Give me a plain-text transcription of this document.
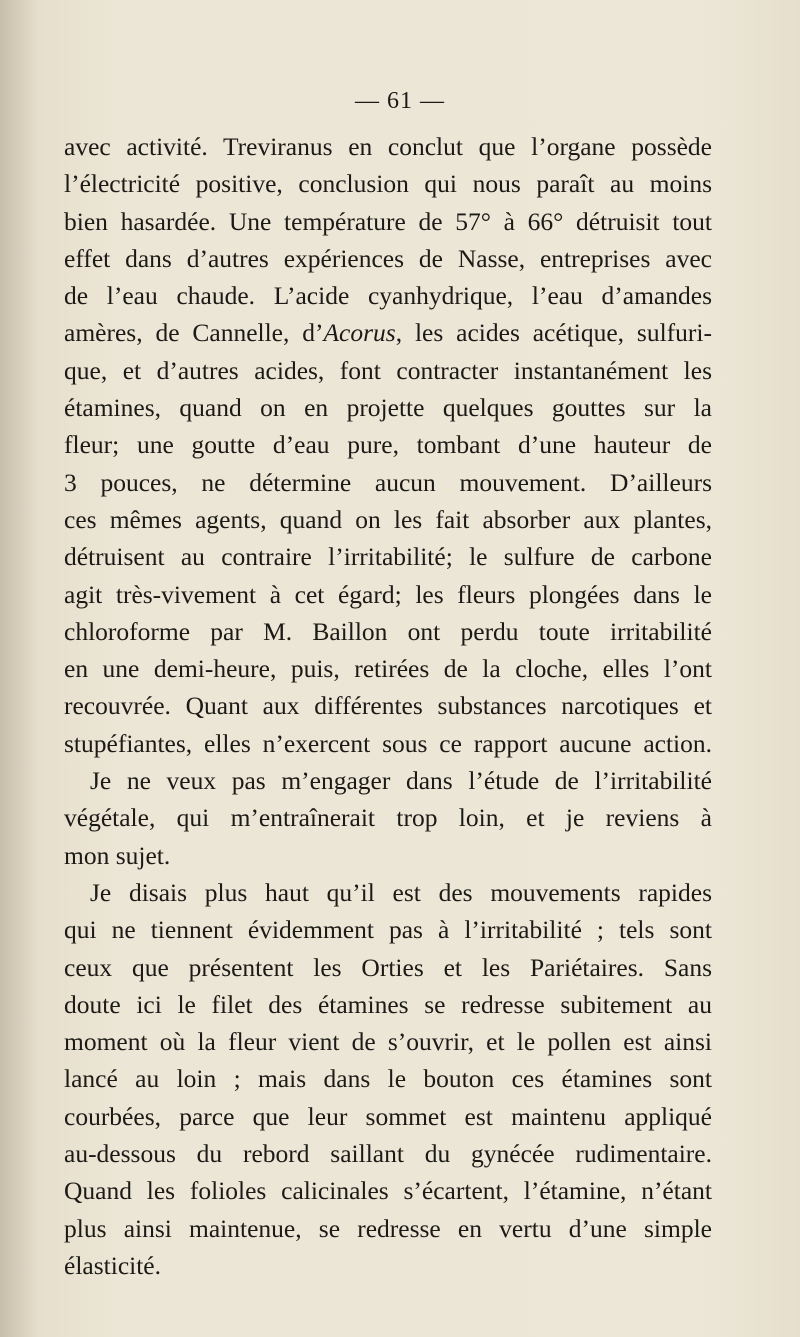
— 61 —
avec activité. Treviranus en conclut que l’organe possède
l’électricité positive, conclusion qui nous paraît au moins
bien hasardée. Une température de 57° à 66° détruisit tout
effet dans d’autres expériences de Nasse, entreprises avec
de l’eau chaude. L’acide cyanhydrique, l’eau d’amandes
amères, de Cannelle, d’Acorus, les acides acétique, sulfuri-
que, et d’autres acides, font contracter instantanément les
étamines, quand on en projette quelques gouttes sur la
fleur; une goutte d’eau pure, tombant d’une hauteur de
3 pouces, ne détermine aucun mouvement. D’ailleurs
ces mêmes agents, quand on les fait absorber aux plantes,
détruisent au contraire l’irritabilité; le sulfure de carbone
agit très-vivement à cet égard; les fleurs plongées dans le
chloroforme par M. Baillon ont perdu toute irritabilité
en une demi-heure, puis, retirées de la cloche, elles l’ont
recouvrée. Quant aux différentes substances narcotiques et
stupéfiantes, elles n’exercent sous ce rapport aucune action.
Je ne veux pas m’engager dans l’étude de l’irritabilité
végétale, qui m’entraînerait trop loin, et je reviens à
mon sujet.
Je disais plus haut qu’il est des mouvements rapides
qui ne tiennent évidemment pas à l’irritabilité ; tels sont
ceux que présentent les Orties et les Pariétaires. Sans
doute ici le filet des étamines se redresse subitement au
moment où la fleur vient de s’ouvrir, et le pollen est ainsi
lancé au loin ; mais dans le bouton ces étamines sont
courbées, parce que leur sommet est maintenu appliqué
au-dessous du rebord saillant du gynécée rudimentaire.
Quand les folioles calicinales s’écartent, l’étamine, n’étant
plus ainsi maintenue, se redresse en vertu d’une simple
élasticité.
